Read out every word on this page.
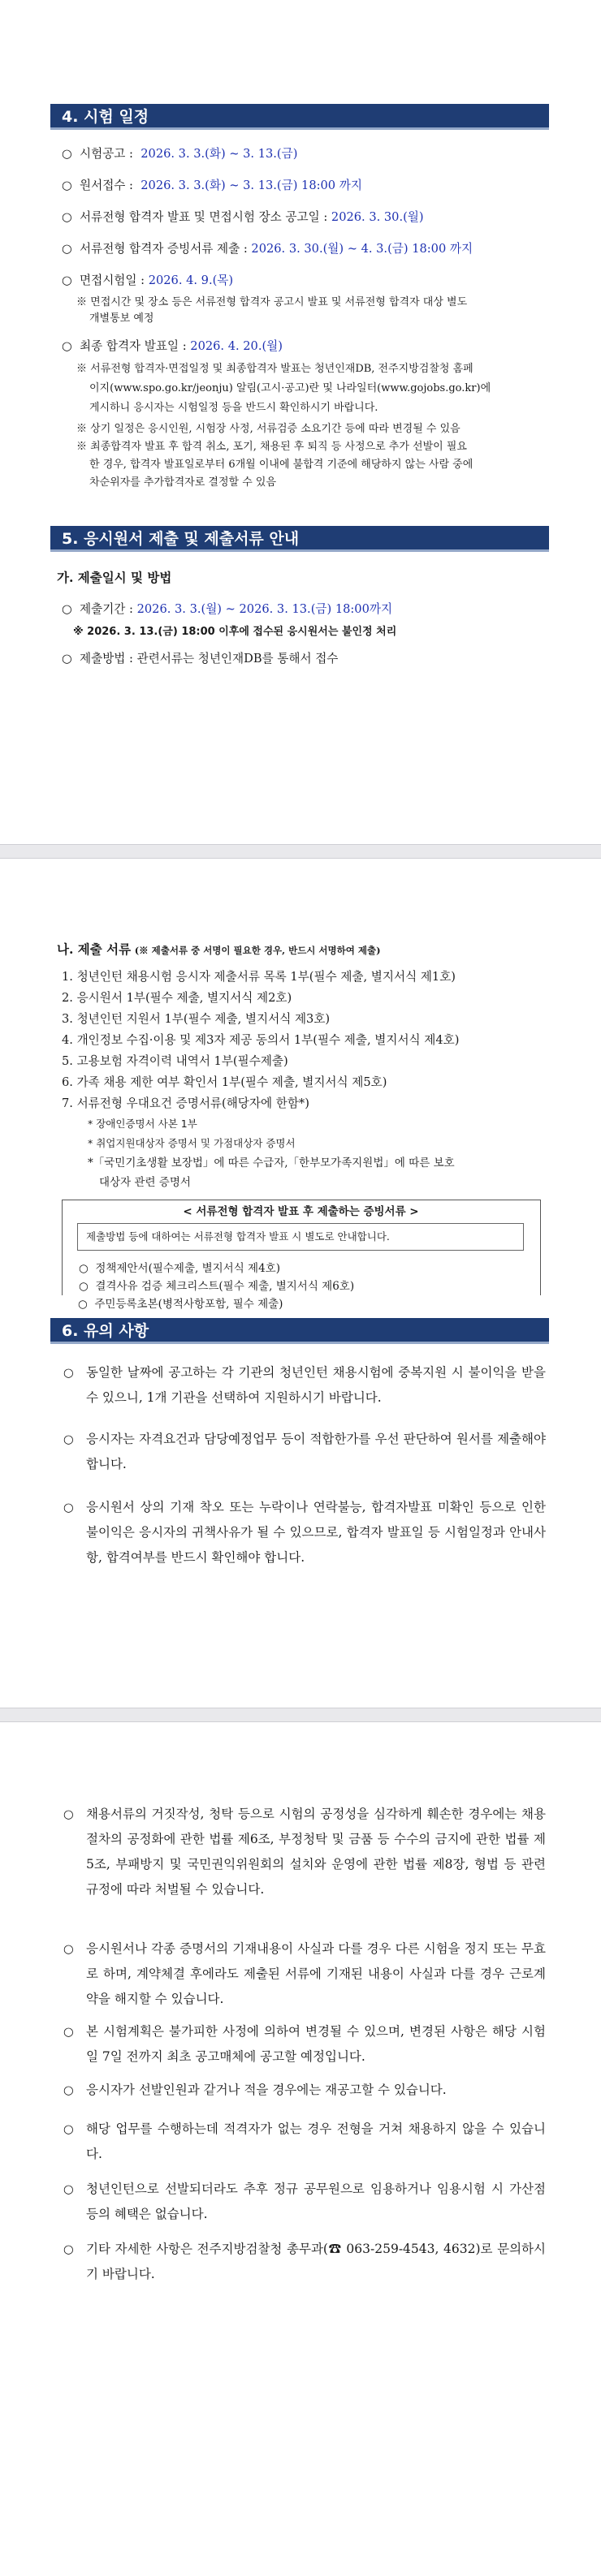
4. 시험 일정
○ 시험공고 : 2026. 3. 3.(화) ~ 3. 13.(금)
○ 원서접수 : 2026. 3. 3.(화) ~ 3. 13.(금) 18:00 까지
○ 서류전형 합격자 발표 및 면접시험 장소 공고일 : 2026. 3. 30.(월)
○ 서류전형 합격자 증빙서류 제출 : 2026. 3. 30.(월) ~ 4. 3.(금) 18:00 까지
○ 면접시험일 : 2026. 4. 9.(목)
※ 면접시간 및 장소 등은 서류전형 합격자 공고시 발표 및 서류전형 합격자 대상 별도
개별통보 예정
○ 최종 합격자 발표일 : 2026. 4. 20.(월)
※ 서류전형 합격자·면접일정 및 최종합격자 발표는 청년인재DB, 전주지방검찰청 홈페
이지(www.spo.go.kr/jeonju) 알림(고시·공고)란 및 나라일터(www.gojobs.go.kr)에
게시하니 응시자는 시험일정 등을 반드시 확인하시기 바랍니다.
※ 상기 일정은 응시인원, 시험장 사정, 서류검증 소요기간 등에 따라 변경될 수 있음
※ 최종합격자 발표 후 합격 취소, 포기, 채용된 후 퇴직 등 사정으로 추가 선발이 필요
한 경우, 합격자 발표일로부터 6개월 이내에 불합격 기준에 해당하지 않는 사람 중에
차순위자를 추가합격자로 결정할 수 있음
5. 응시원서 제출 및 제출서류 안내
가. 제출일시 및 방법
○ 제출기간 : 2026. 3. 3.(월) ~ 2026. 3. 13.(금) 18:00까지
※ 2026. 3. 13.(금) 18:00 이후에 접수된 응시원서는 불인정 처리
○ 제출방법 : 관련서류는 청년인재DB를 통해서 접수
나. 제출 서류 (※ 제출서류 중 서명이 필요한 경우, 반드시 서명하여 제출)
1. 청년인턴 채용시험 응시자 제출서류 목록 1부(필수 제출, 별지서식 제1호)
2. 응시원서 1부(필수 제출, 별지서식 제2호)
3. 청년인턴 지원서 1부(필수 제출, 별지서식 제3호)
4. 개인정보 수집·이용 및 제3자 제공 동의서 1부(필수 제출, 별지서식 제4호)
5. 고용보험 자격이력 내역서 1부(필수제출)
6. 가족 채용 제한 여부 확인서 1부(필수 제출, 별지서식 제5호)
7. 서류전형 우대요건 증명서류(해당자에 한함*)
* 장애인증명서 사본 1부
* 취업지원대상자 증명서 및 가점대상자 증명서
*「국민기초생활 보장법」에 따른 수급자,「한부모가족지원법」에 따른 보호
대상자 관련 증명서
< 서류전형 합격자 발표 후 제출하는 증빙서류 >
제출방법 등에 대하여는 서류전형 합격자 발표 시 별도로 안내합니다.
○ 정책제안서(필수제출, 별지서식 제4호)
○ 결격사유 검증 체크리스트(필수 제출, 별지서식 제6호)
○ 주민등록초본(병적사항포함, 필수 제출)
6. 유의 사항
○ 동일한 날짜에 공고하는 각 기관의 청년인턴 채용시험에 중복지원 시 불이익을 받을 수 있으니, 1개 기관을 선택하여 지원하시기 바랍니다.
○ 응시자는 자격요건과 담당예정업무 등이 적합한가를 우선 판단하여 원서를 제출해야 합니다.
○ 응시원서 상의 기재 착오 또는 누락이나 연락불능, 합격자발표 미확인 등으로 인한 불이익은 응시자의 귀책사유가 될 수 있으므로, 합격자 발표일 등 시험일정과 안내사항, 합격여부를 반드시 확인해야 합니다.
○ 채용서류의 거짓작성, 청탁 등으로 시험의 공정성을 심각하게 훼손한 경우에는 채용절차의 공정화에 관한 법률 제6조, 부정청탁 및 금품 등 수수의 금지에 관한 법률 제5조, 부패방지 및 국민권익위원회의 설치와 운영에 관한 법률 제8장, 형법 등 관련 규정에 따라 처벌될 수 있습니다.
○ 응시원서나 각종 증명서의 기재내용이 사실과 다를 경우 다른 시험을 정지 또는 무효로 하며, 계약체결 후에라도 제출된 서류에 기재된 내용이 사실과 다를 경우 근로계약을 해지할 수 있습니다.
○ 본 시험계획은 불가피한 사정에 의하여 변경될 수 있으며, 변경된 사항은 해당 시험일 7일 전까지 최초 공고매체에 공고할 예정입니다.
○ 응시자가 선발인원과 같거나 적을 경우에는 재공고할 수 있습니다.
○ 해당 업무를 수행하는데 적격자가 없는 경우 전형을 거쳐 채용하지 않을 수 있습니다.
○ 청년인턴으로 선발되더라도 추후 정규 공무원으로 임용하거나 임용시험 시 가산점 등의 혜택은 없습니다.
○ 기타 자세한 사항은 전주지방검찰청 총무과(☎ 063-259-4543, 4632)로 문의하시기 바랍니다.
